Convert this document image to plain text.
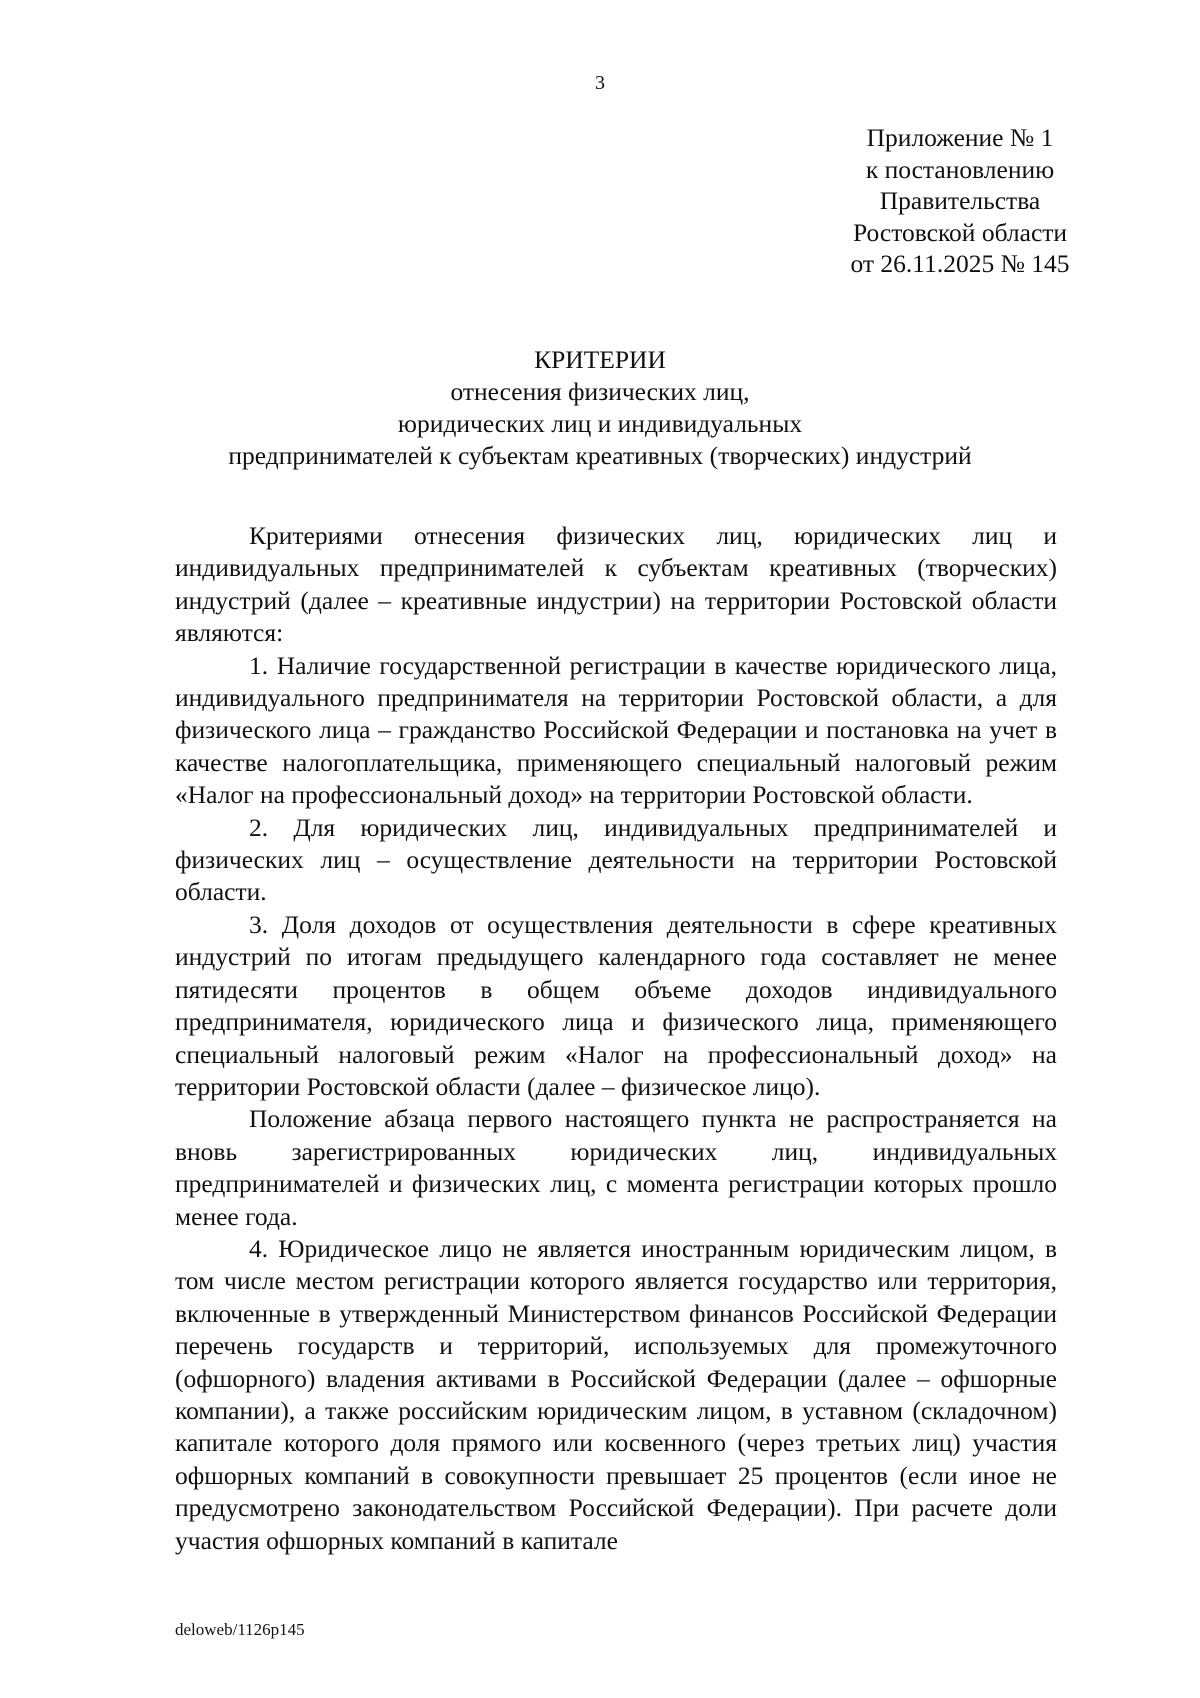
3
Приложение № 1
к постановлению
Правительства
Ростовской области
от 26.11.2025 № 145
КРИТЕРИИ
отнесения физических лиц,
юридических лиц и индивидуальных
предпринимателей к субъектам креативных (творческих) индустрий

Критериями отнесения физических лиц, юридических лиц и индивидуальных предпринимателей к субъектам креативных (творческих) индустрий (далее – креативные индустрии) на территории Ростовской области являются:

1. Наличие государственной регистрации в качестве юридического лица, индивидуального предпринимателя на территории Ростовской области, а для физического лица – гражданство Российской Федерации и постановка на учет в качестве налогоплательщика, применяющего специальный налоговый режим «Налог на профессиональный доход» на территории Ростовской области.

2. Для юридических лиц, индивидуальных предпринимателей и физических лиц – осуществление деятельности на территории Ростовской области.

3. Доля доходов от осуществления деятельности в сфере креативных индустрий по итогам предыдущего календарного года составляет не менее пятидесяти процентов в общем объеме доходов индивидуального предпринимателя, юридического лица и физического лица, применяющего специальный налоговый режим «Налог на профессиональный доход» на территории Ростовской области (далее – физическое лицо).

Положение абзаца первого настоящего пункта не распространяется на вновь зарегистрированных юридических лиц, индивидуальных предпринимателей и физических лиц, с момента регистрации которых прошло менее года.

4. Юридическое лицо не является иностранным юридическим лицом, в том числе местом регистрации которого является государство или территория, включенные в утвержденный Министерством финансов Российской Федерации перечень государств и территорий, используемых для промежуточного (офшорного) владения активами в Российской Федерации (далее – офшорные компании), а также российским юридическим лицом, в уставном (складочном) капитале которого доля прямого или косвенного (через третьих лиц) участия офшорных компаний в совокупности превышает 25 процентов (если иное не предусмотрено законодательством Российской Федерации). При расчете доли участия офшорных компаний в капитале

deloweb/1126p145
